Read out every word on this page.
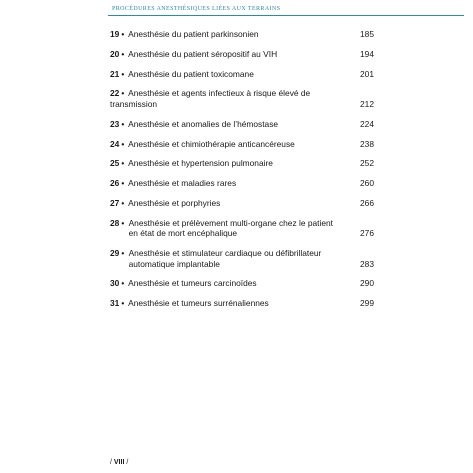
PROCÉDURES ANESTHÉSIQUES LIÉES AUX TERRAINS
19 • Anesthésie du patient parkinsonien	185
20 • Anesthésie du patient séropositif au VIH	194
21 • Anesthésie du patient toxicomane	201
22 • Anesthésie et agents infectieux à risque élevé de transmission	212
23 • Anesthésie et anomalies de l’hémostase	224
24 • Anesthésie et chimiothérapie anticancéreuse	238
25 • Anesthésie et hypertension pulmonaire	252
26 • Anesthésie et maladies rares	260
27 • Anesthésie et porphyries	266
28 • Anesthésie et prélèvement multi-organe chez le patient
en état de mort encéphalique	276
29 • Anesthésie et stimulateur cardiaque ou défibrillateur
automatique implantable	283
30 • Anesthésie et tumeurs carcinoïdes	290
31 • Anesthésie et tumeurs surrénaliennes	299
/ VIII /
